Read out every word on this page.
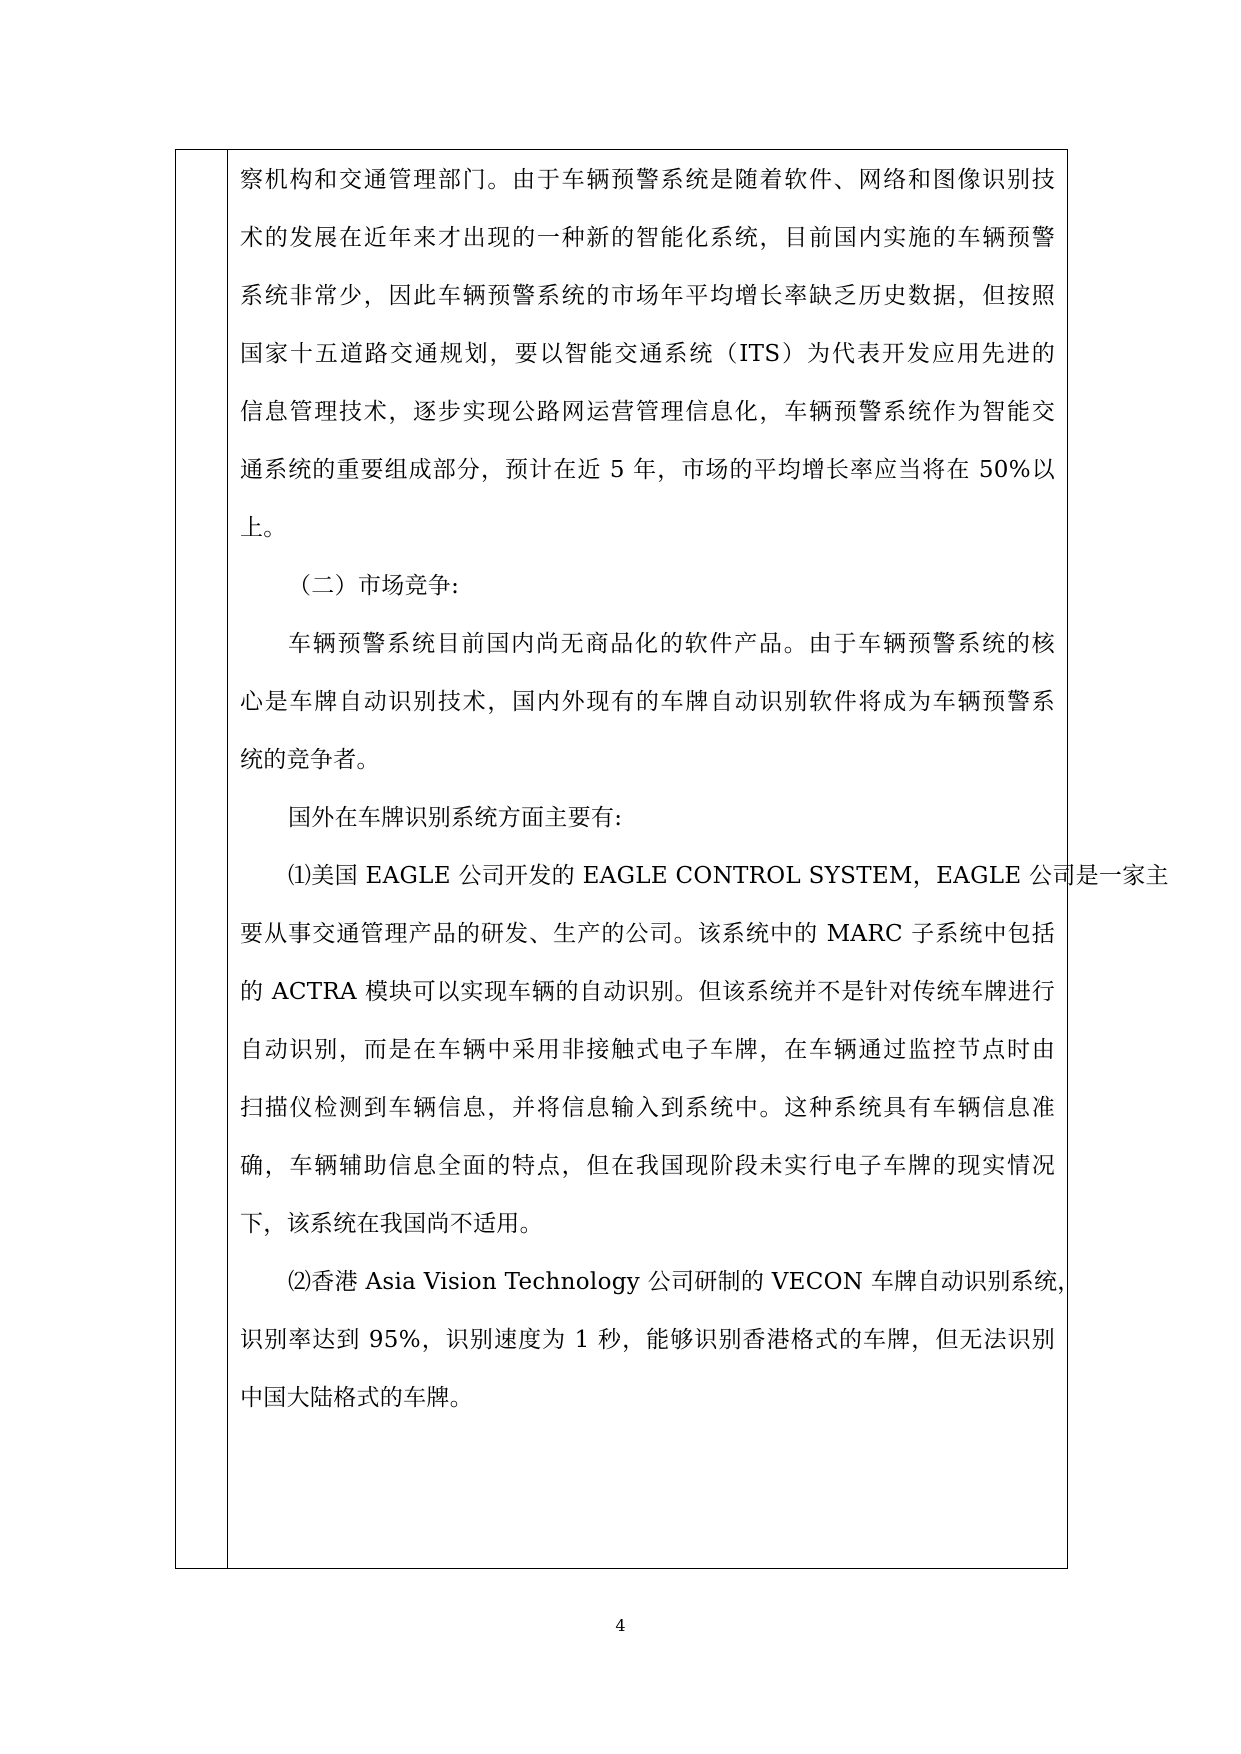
察机构和交通管理部门。由于车辆预警系统是随着软件、网络和图像识别技
术的发展在近年来才出现的一种新的智能化系统，目前国内实施的车辆预警
系统非常少，因此车辆预警系统的市场年平均增长率缺乏历史数据，但按照
国家十五道路交通规划，要以智能交通系统（ITS）为代表开发应用先进的
信息管理技术，逐步实现公路网运营管理信息化，车辆预警系统作为智能交
通系统的重要组成部分，预计在近 5 年，市场的平均增长率应当将在 50%以
上。
（二）市场竞争:
车辆预警系统目前国内尚无商品化的软件产品。由于车辆预警系统的核
心是车牌自动识别技术，国内外现有的车牌自动识别软件将成为车辆预警系
统的竞争者。
国外在车牌识别系统方面主要有:
⑴美国 EAGLE 公司开发的 EAGLE CONTROL SYSTEM，EAGLE 公司是一家主
要从事交通管理产品的研发、生产的公司。该系统中的 MARC 子系统中包括
的 ACTRA 模块可以实现车辆的自动识别。但该系统并不是针对传统车牌进行
自动识别，而是在车辆中采用非接触式电子车牌，在车辆通过监控节点时由
扫描仪检测到车辆信息，并将信息输入到系统中。这种系统具有车辆信息准
确，车辆辅助信息全面的特点，但在我国现阶段未实行电子车牌的现实情况
下，该系统在我国尚不适用。
⑵香港 Asia Vision Technology 公司研制的 VECON 车牌自动识别系统，
识别率达到 95%，识别速度为 1 秒，能够识别香港格式的车牌，但无法识别
中国大陆格式的车牌。
4
